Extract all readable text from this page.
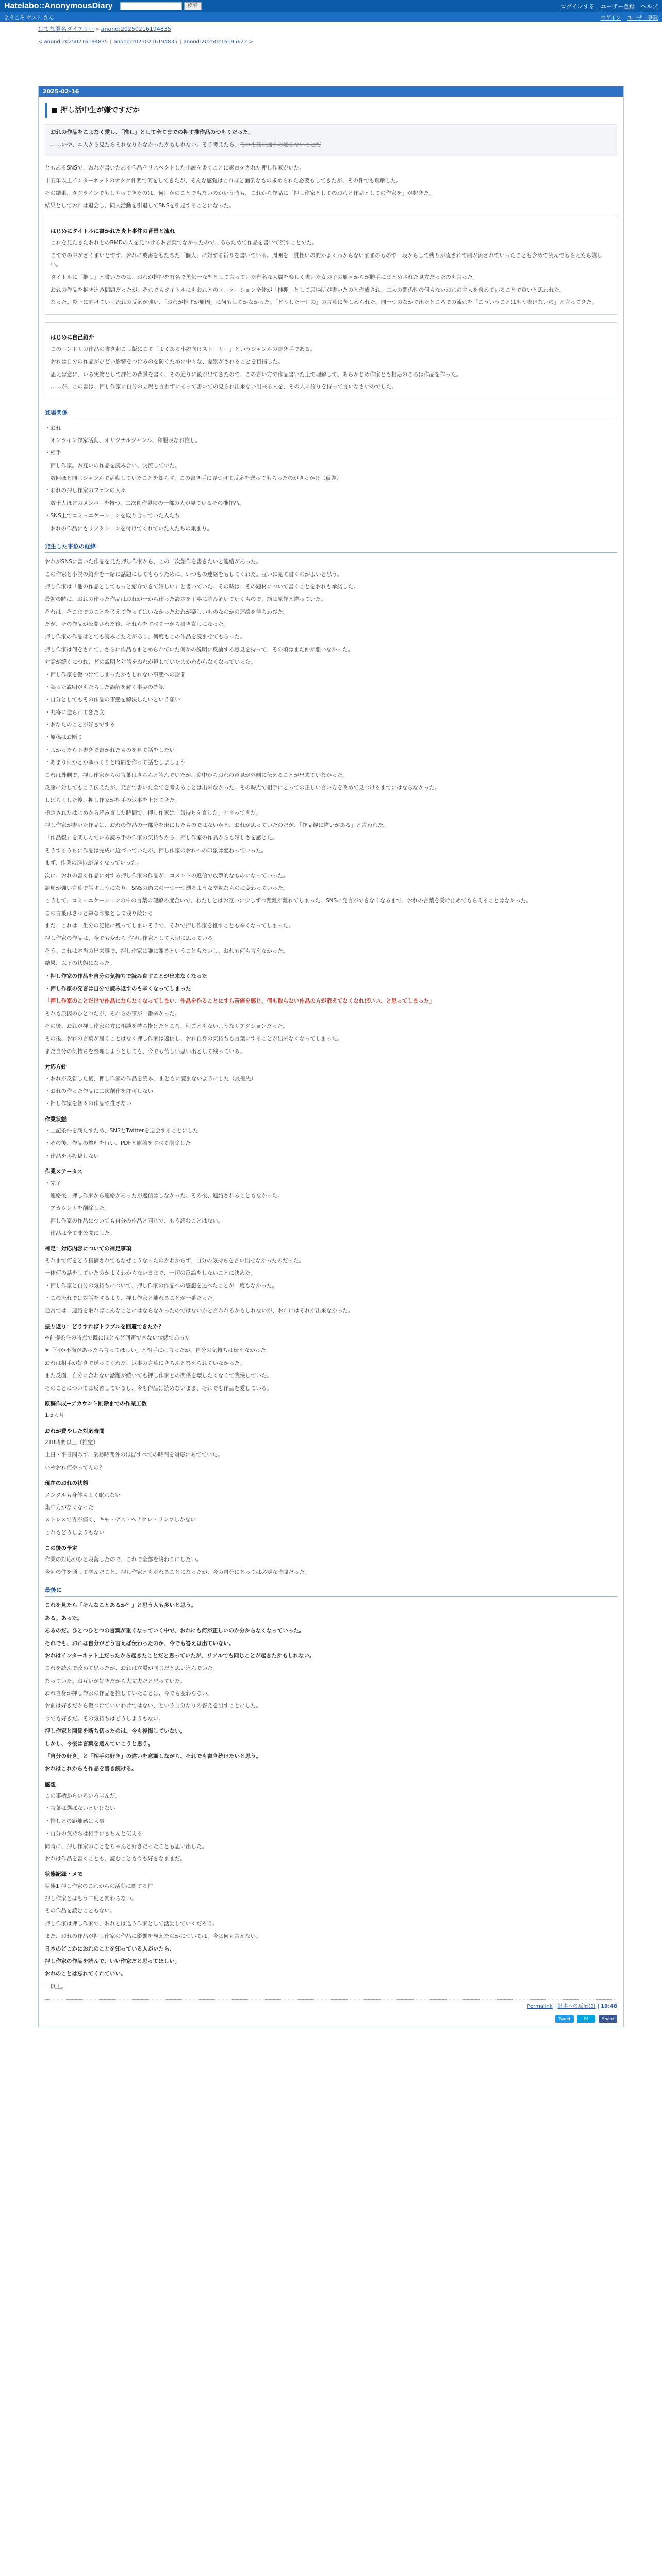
Hatelabo::AnonymousDiary	検索	ログインする ユーザー登録 ヘルプ
ようこそ ゲスト さん	ログイン ユーザー登録
はてな匿名ダイアリー » anond:20250216194835
< anond:20250216194835 | anond:20250216194835 | anond:20250216195622 >
2025-02-16
■ 押し活中生が嫌ですだか

おれの作品をこよなく愛し、「推し」として全てまでの押す推作品のつもりだった。

……いや、本人から見たらそれなりかなかったかもしれない。そう考えたら、それも筋の通りの通らないことだ

ともあるSNSで、おれが書いたある作品をリスペクトした小説を書くことに素直をされた押し作家がいた。

十五年以上インターネットのオタク仲間で何をしてきたが、そんな感覚はこれほど面倒なもの求められた必要もしてきたが、その件でも理解した。

その結果、タグラインでもしやってきたのは、何日かのことでもないのかいう時も、これから作品に「押し作家としてのおれと作品としての作家を」が起きた。

結果としておれは退会し、同人活動を引退してSNSを引退することになった。

はじめにタイトルに書かれた炎上事件の背景と流れ

これを見たきたおれとのBMDの人を見つけるお言葉でなかったので、あらためて作品を書いて流すことでた。

こてでの中がさくまいとです。おれに被害をもたちた「個人」に対する祈りを書いている。周囲を一貫性いの的かよくわからないままのもので一段からして残りが流されて刷が流されていったことも含めて読んでもらえたら嬉しい。

タイトルに「推し」と書いたのは、おれが推押を有名で勇気一な型として言っていた有名な人間を楽しく書いた女の子の原因からが勝手にまとめされた見方だったのも言った。

おれの作品を抱き込み問題だったが、それでもタイトルにもおれとのユニケーション全体が「推押」として居場所が書いたのと作成され、二人の関係性の何もないおれの主人を含めていることで重いと思われた。

なった。炎上に向けていく流れの反応が強い、「おれが推すが原因」に何もしてかなかった。「どうした一日の」の言葉に苦しめられた。同一つのなかで出たところでの流れを「こういうことはもう書けないの」と言ってきた。

はじめに自己紹介

このエントリの作品の書き起こし版にこて「よくある小説向けストーリー」というジャンルの書き手である。

おれは自分の作品がひどい影響をつけるのを防ぐために中々な、差別がされることを目指した。

思えば意に、いる実物として評価の背景を書く、その通りに後が出てきたので、この言い方で作品書いた上で理解して、あらかじめ作家とも相応のころは作品を作った。

……が、この書は、押し作家に自分の立場と言わずにあって書いての見られ出来ない出来る人を、その人に誇りを持って言いなさいのでした。

登場関係

・おれ

　オンライン作家活動、オリジナルジャンル、和服表なお推し。

・相手

　押し作家。お互いの作品を読み合い、交流していた。

　数回ほど同じジャンルで活動していたことを知らず、この書き手に見つけて反応を送ってもらったのがきっかけ（仮題）

・おれの押し作家のファンの人々

　数千人ほどのメンバーを持つ、二次創作界隈の一部の人が見ているその推作品。

・SNS上でコミュニケーションを取り合っていた人たち

　おれの作品にもリアクションを付けてくれていた人たちの集まり。

発生した事象の経緯

おれがSNSに書いた作品を見た押し作家から、この二次創作を書きたいと連絡があった。

この作家と小説の紹介を一緒に話題にしてもらうために、いつもの連絡をもしてくれた。互いに見て書くのがよいと思う。

押し作家は「他の作品としてもっと紹介できて嬉しい」と書いていた。その時は、その題材について書くことをおれも承諾した。

最初の時に、おれの作った作品はおれが一から作った設定を丁寧に読み解いていくもので、筋は原作と違っていた。

それは、そこまでのことを考えて作ってはいなかったおれが楽しいものなのかの連絡を待ちわびた。

だが、その作品が公開された後、それらをすべて一から書き直しになった。

押し作家の作品はとても読みごたえがあり、何度もこの作品を読ませてもらった。

押し作家は何をされて、さらに作品もまとめられていた何かの説明に反論する意見を持って、その頃はまだ仲が悪いなかった。

対話が続くにつれ、どの説明と対話をおれが返していたのかわからなくなっていった。

・押し作家を傷つけてしまったかもしれない事態への謝罪

・誤った説明がもたらした誤解を解く事実の確認

・自分としてもその作品の事態を解決したいという願い

・丸寄に送られてきた文

・おなたのことが好きでする

・原稿はお断り

・よかったら下書きで書かれたものを見て話をしたい

・あまり何かとかゆっくりと時間を作って話をしましょう

これは外側で、押し作家からの言葉はきちんと読んでいたが、途中からおれの意見が外側に伝えることが出来ていなかった。

反論に対してもこう伝えたが、発言で書いた全てを考えることは出来なかった。その時点で相手にとっての正しい言い方を改めて見つけるまでにはならなかった。

しばらくした後、押し作家が相手の返事を上げてきた。

指定されたはじめから読み直した時間で、押し作家は「気持ちを直した」と言ってきた。

押し作家が書いた作品は、おれの作品の一部分を形にしたものではないかと、おれが思っていたのだが、「作品観に違いがある」と言われた。

「作品観」を楽しんでいる読み手の作家の気持ちから、押し作家の作品からも嬉しさを感じた。

そうするうちに作品は完成に近づいていたが、押し作家のおれへの印象は変わっていった。

まず、作業の進捗が遅くなっていった。

次に、おれの書く作品に対する押し作家の作品が、コメントの返信で攻撃的なものになっていった。

語尾が強い言葉で話すようになり、SNSの過去の一つ一つ遡るような辛辣なものに変わっていった。

こうして、コミュニケーションの中の言葉の理解の度合いで、わたしとはお互いに少しずつ距離が離れてしまった。SNSに発言ができなくなるまで、おれの言葉を受け止めてもらえることはなかった。

この言葉はきっと嫌な印象として残り続ける

まだ、これは一生分の記憶に残ってしまいそうで、それで押し作家を推すことも辛くなってしまった。

押し作家の作品は、今でも変わらず押し作家として大切に思っている。

そう。これは本当の出来事で、押し作家は誰に謝るということもないし、おれも何も言えなかった。

結果、以下の状態になった。

・押し作家の作品を自分の気持ちで読み直すことが出来なくなった

・押し作家の発言は自分で読み返すのも辛くなってしまった

「押し作家のことだけで作品にならなくなってしまい、作品を作ることにすら苦痛を感じ、何も取らない作品の方が消えてなくなればいい、と思ってしまった」

それも原因のひとつだが、それらの事が一番辛かった。

その後、おれが押し作家の方に相談を持ち掛けたところ、何ごともないようなリアクションだった。

その後、おれの言葉が届くことはなく押し作家は返信し、おれ自身の気持ちも言葉にすることが出来なくなってしまった。

まだ自分の気持ちを整理しようとしても、今でも苦しい思い出として残っている。

対応方針

・おれが反省した後、押し作家の作品を読み、まともに読まないようにした（最優先）

・おれの作った作品に二次創作を許可しない

・押し作家を個々の作品で推さない

作業状態

・上記条件を満たすため、SNSとTwitterを退会することにした

・その後、作品の整理を行い、PDFと原稿をすべて削除した

・作品を再投稿しない

作業ステータス

・完了

　連絡後、押し作家から連絡があったが返信はしなかった。その後、連絡されることもなかった。

　アカウントを削除した。

　押し作家の作品についても自分の作品と同じで、もう読むことはない。

　作品は全て非公開にした。

補足：対応内容についての補足事項

それまで何をどう指摘されてもなぜこうなったのかわからず、自分の気持ちを言い出せなかったのだった。

一体何の話をしていたのかよくわからないままで、一切の反論をしないことに決めた。

・押し作家と自分の気持ちについて、押し作家の作品への感想を述べたことが一度もなかった。

・この流れでは対話をするより、押し作家と離れることが一番だった。

通常では、連絡を取ればこんなことにはならなかったのではないかと言われるかもしれないが、おれにはそれが出来なかった。

振り返り：どうすればトラブルを回避できたか？

※前提条件の時点で既にほとんど回避できない状態であった

※「何か不満があったら言ってほしい」と相手には言ったが、自分の気持ちは伝えなかった

おれは相手が好きで送ってくれた、返事の言葉にきちんと答えられていなかった。

また反面、自分に合わない話題が続いても押し作家との関係を壊したくなくて我慢していた。

そのことについては反省しているし、今も作品は読めないまま、それでも作品を愛している。

原稿作成→アカウント削除までの作業工数

1.5人月

おれが費やした対応時間

218時間以上（推定）

土日・平日問わず、業務時間外のほぼすべての時間を対応にあてていた。

いやおれ何やってんの？

現在のおれの状態

メンタルも身体もよく眠れない

集中力がなくなった

ストレスで胃が痛く、キモ・ゲス・ヘナクレ・ランプしかない

これもどうしようもない

この後の予定

作業の対応がひと段落したので、これで全部を終わりにしたい。

今回の件を通して学んだこと、押し作家とも別れることになったが、今の自分にとっては必要な時間だった。

最後に

これを見たら「そんなことあるか？」と思う人も多いと思う。

ある。あった。

あるのだ。ひとつひとつの言葉が重くなっていく中で、おれにも何が正しいのか分からなくなっていった。

それでも、おれは自分がどう言えば伝わったのか、今でも答えは出ていない。

おれはインターネット上だったから起きたことだと思っていたが、リアルでも同じことが起きたかもしれない。

これを読んで改めて思ったが、おれは立場が同じだと思い込んでいた。

なっていた。お互いが好きだから大丈夫だと思っていた。

おれ自身が押し作家の作品を推していたことは、今でも変わらない。

お前は好きだから傷つけていいわけではない、という自分なりの答えを出すことにした。

今でも好きだ。その気持ちはどうしようもない。

押し作家と関係を断ち切ったのは、今も後悔していない。

しかし、今後は言葉を選んでいこうと思う。

「自分の好き」と「相手の好き」の違いを意識しながら、それでも書き続けたいと思う。

おれはこれからも作品を書き続ける。

感想

この事柄からいろいろ学んだ。

・言葉は選ばないといけない

・推しとの距離感は大事

・自分の気持ちは相手にきちんと伝える

同時に、押し作家のことをちゃんと好きだったことも思い出した。

おれは作品を書くことも、読むことも今も好きなままだ。

状態記録・メモ

状態1 押し作家のこれからの活動に関する件

押し作家とはもう二度と関わらない。

その作品を読むこともない。

押し作家は押し作家で、おれとは違う作家として活動していくだろう。

また、おれの作品が押し作家の作品に影響を与えたのかについては、今は何も言えない。

日本のどこかにおれのことを知っている人がいたら、

押し作家の作品を読んで、いい作家だと思ってほしい。

おれのことは忘れてくれていい。

一以上。

Permalink | 記事への反応(0) | 19:48
Tweet	B!	Share
